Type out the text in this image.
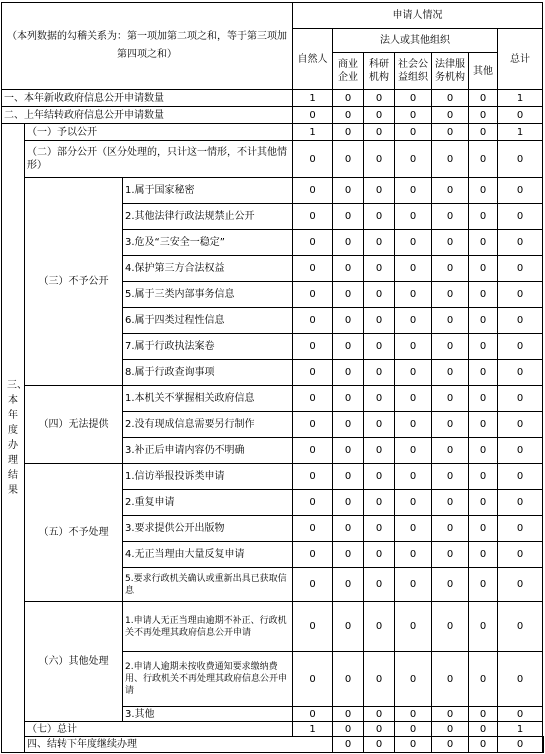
（本列数据的勾稽关系为：第一项加第二项之和，等于第三项加第四项之和）			申请人情况							
			自然人	法人或其他组织					总计	
				商业企业	科研机构	社会公益组织	法律服务机构	其他		
一、本年新收政府信息公开申请数量			1	0	0	0	0	0	1	
二、上年结转政府信息公开申请数量			0	0	0	0	0	0	0	

三、本年度办理结果	（一）予以公开		1	0	0	0	0	0	1	
	（二）部分公开（区分处理的，只计这一情形，不计其他情形）		0	0	0	0	0	0	0	
	（三）不予公开	1.属于国家秘密	0	0	0	0	0	0	0	
		2.其他法律行政法规禁止公开	0	0	0	0	0	0	0	
		3.危及“三安全一稳定”	0	0	0	0	0	0	0	
		4.保护第三方合法权益	0	0	0	0	0	0	0	
		5.属于三类内部事务信息	0	0	0	0	0	0	0	
		6.属于四类过程性信息	0	0	0	0	0	0	0	
		7.属于行政执法案卷	0	0	0	0	0	0	0	
		8.属于行政查询事项	0	0	0	0	0	0	0	
	（四）无法提供	1.本机关不掌握相关政府信息	0	0	0	0	0	0	0	
		2.没有现成信息需要另行制作	0	0	0	0	0	0	0	
		3.补正后申请内容仍不明确	0	0	0	0	0	0	0	
	（五）不予处理	1.信访举报投诉类申请	0	0	0	0	0	0	0	
		2.重复申请	0	0	0	0	0	0	0	
		3.要求提供公开出版物	0	0	0	0	0	0	0	
		4.无正当理由大量反复申请	0	0	0	0	0	0	0	
		5.要求行政机关确认或重新出具已获取信息	0	0	0	0	0	0	0	
	（六）其他处理	1.申请人无正当理由逾期不补正、行政机关不再处理其政府信息公开申请	0	0	0	0	0	0	0	
		2.申请人逾期未按收费通知要求缴纳费用、行政机关不再处理其政府信息公开申请	0	0	0	0	0	0	0	
		3.其他	0	0	0	0	0	0	0	
	（七）总计		1	0	0	0	0	0	1	
	四、结转下年度继续办理			0	0	0	0	0	0	
